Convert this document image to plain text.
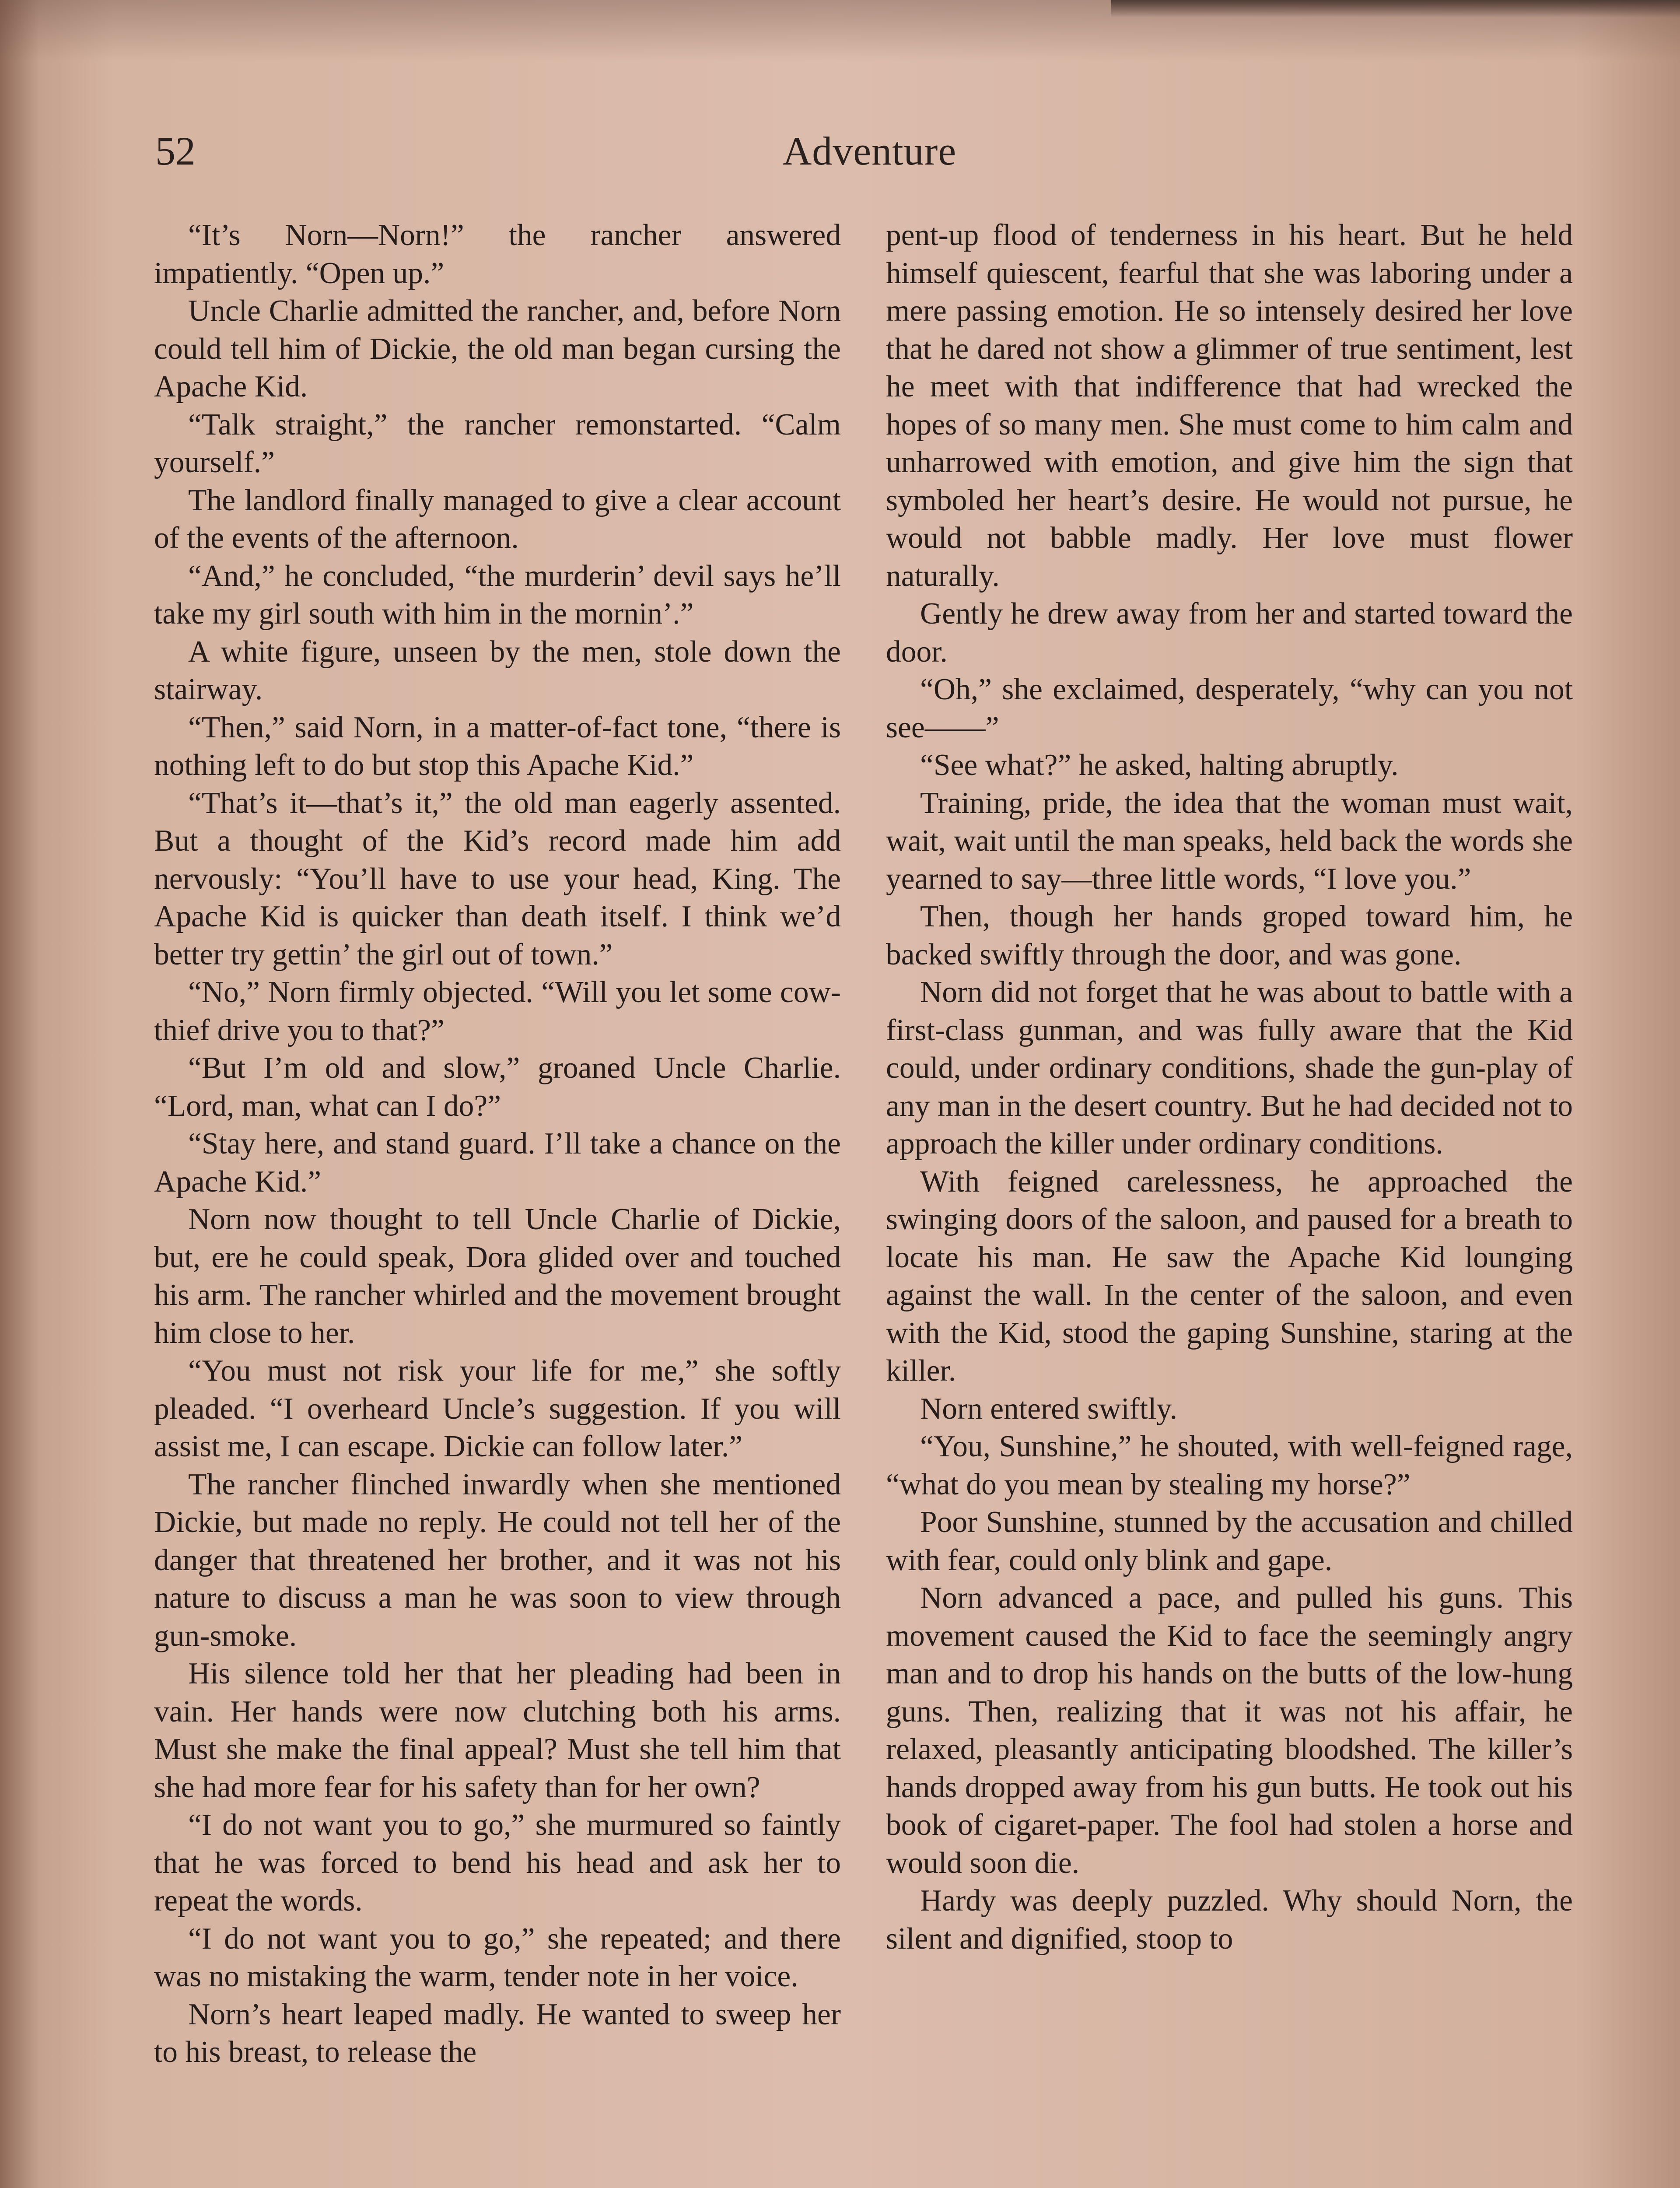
52	Adventure

“It’s Norn—Norn!” the rancher answered impatiently. “Open up.”

Uncle Charlie admitted the rancher, and, before Norn could tell him of Dickie, the old man began cursing the Apache Kid.

“Talk straight,” the rancher remonstarted. “Calm yourself.”

The landlord finally managed to give a clear account of the events of the afternoon.

“And,” he concluded, “the murderin’ devil says he’ll take my girl south with him in the mornin’.”

A white figure, unseen by the men, stole down the stairway.

“Then,” said Norn, in a matter-of-fact tone, “there is nothing left to do but stop this Apache Kid.”

“That’s it—that’s it,” the old man eagerly assented. But a thought of the Kid’s record made him add nervously: “You’ll have to use your head, King. The Apache Kid is quicker than death itself. I think we’d better try gettin’ the girl out of town.”

“No,” Norn firmly objected. “Will you let some cow-thief drive you to that?”

“But I’m old and slow,” groaned Uncle Charlie. “Lord, man, what can I do?”

“Stay here, and stand guard. I’ll take a chance on the Apache Kid.”

Norn now thought to tell Uncle Charlie of Dickie, but, ere he could speak, Dora glided over and touched his arm. The rancher whirled and the movement brought him close to her.

“You must not risk your life for me,” she softly pleaded. “I overheard Uncle’s suggestion. If you will assist me, I can escape. Dickie can follow later.”

The rancher flinched inwardly when she mentioned Dickie, but made no reply. He could not tell her of the danger that threatened her brother, and it was not his nature to discuss a man he was soon to view through gun-smoke.

His silence told her that her pleading had been in vain. Her hands were now clutching both his arms. Must she make the final appeal? Must she tell him that she had more fear for his safety than for her own?

“I do not want you to go,” she murmured so faintly that he was forced to bend his head and ask her to repeat the words.

“I do not want you to go,” she repeated; and there was no mistaking the warm, tender note in her voice.

Norn’s heart leaped madly. He wanted to sweep her to his breast, to release the

pent-up flood of tenderness in his heart. But he held himself quiescent, fearful that she was laboring under a mere passing emotion. He so intensely desired her love that he dared not show a glimmer of true sentiment, lest he meet with that indifference that had wrecked the hopes of so many men. She must come to him calm and unharrowed with emotion, and give him the sign that symboled her heart’s desire. He would not pursue, he would not babble madly. Her love must flower naturally.

Gently he drew away from her and started toward the door.

“Oh,” she exclaimed, desperately, “why can you not see——”

“See what?” he asked, halting abruptly.

Training, pride, the idea that the woman must wait, wait, wait until the man speaks, held back the words she yearned to say—three little words, “I love you.”

Then, though her hands groped toward him, he backed swiftly through the door, and was gone.

Norn did not forget that he was about to battle with a first-class gunman, and was fully aware that the Kid could, under ordinary conditions, shade the gun-play of any man in the desert country. But he had decided not to approach the killer under ordinary conditions.

With feigned carelessness, he approached the swinging doors of the saloon, and paused for a breath to locate his man. He saw the Apache Kid lounging against the wall. In the center of the saloon, and even with the Kid, stood the gaping Sunshine, staring at the killer.

Norn entered swiftly.

“You, Sunshine,” he shouted, with well-feigned rage, “what do you mean by stealing my horse?”

Poor Sunshine, stunned by the accusation and chilled with fear, could only blink and gape.

Norn advanced a pace, and pulled his guns. This movement caused the Kid to face the seemingly angry man and to drop his hands on the butts of the low-hung guns. Then, realizing that it was not his affair, he relaxed, pleasantly anticipating bloodshed. The killer’s hands dropped away from his gun butts. He took out his book of cigaret-paper. The fool had stolen a horse and would soon die.

Hardy was deeply puzzled. Why should Norn, the silent and dignified, stoop to
